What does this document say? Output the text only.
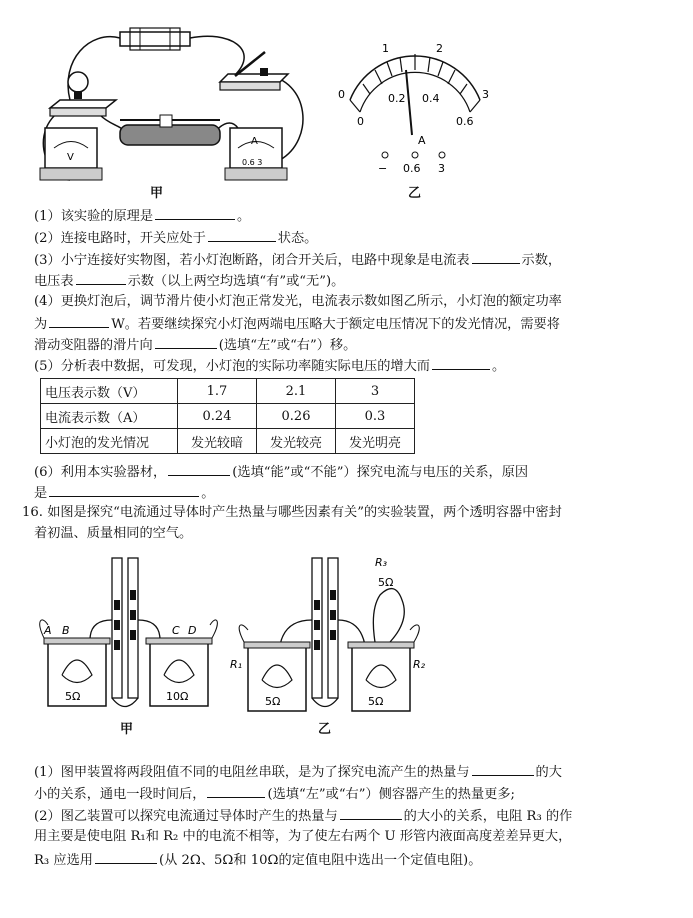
V
A
0.6 3
甲
0
1	2
3
0
0.2 0.4
0.6
A
− 0.6 3
乙
(1）该实验的原理是	。
(2）连接电路时，开关应处于	状态。
(3）小宁连接好实物图，若小灯泡断路，闭合开关后，电路中现象是电流表	示数，
电压表	示数（以上两空均选填“有”或“无”)。
(4）更换灯泡后，调节滑片使小灯泡正常发光，电流表示数如图乙所示，小灯泡的额定功率
为	W。若要继续探究小灯泡两端电压略大于额定电压情况下的发光情况，需要将
滑动变阻器的滑片向	(选填“左”或“右”）移。
(5）分析表中数据，可发现，小灯泡的实际功率随实际电压的增大而	。
电压表示数（V）	1.7	2.1	3
电流表示数（A）	0.24	0.26	0.3
小灯泡的发光情况	发光较暗	发光较亮	发光明亮
(6）利用本实验器材，	(选填“能”或“不能”）探究电流与电压的关系，原因
是	。
16. 如图是探究“电流通过导体时产生热量与哪些因素有关”的实验装置，两个透明容器中密封
着初温、质量相同的空气。
A B
5Ω
C D
10Ω
R₁
5Ω
R₂
5Ω
R₃
5Ω
甲	乙
(1）图甲装置将两段阻值不同的电阻丝串联，是为了探究电流产生的热量与	的大
小的关系，通电一段时间后，	(选填“左”或“右”）侧容器产生的热量更多;
(2）图乙装置可以探究电流通过导体时产生的热量与	的大小的关系，电阻 R₃ 的作
用主要是使电阻 R₁和 R₂ 中的电流不相等，为了使左右两个 U 形管内液面高度差差异更大，
R₃ 应选用	(从 2Ω、5Ω和 10Ω的定值电阻中选出一个定值电阻)。
